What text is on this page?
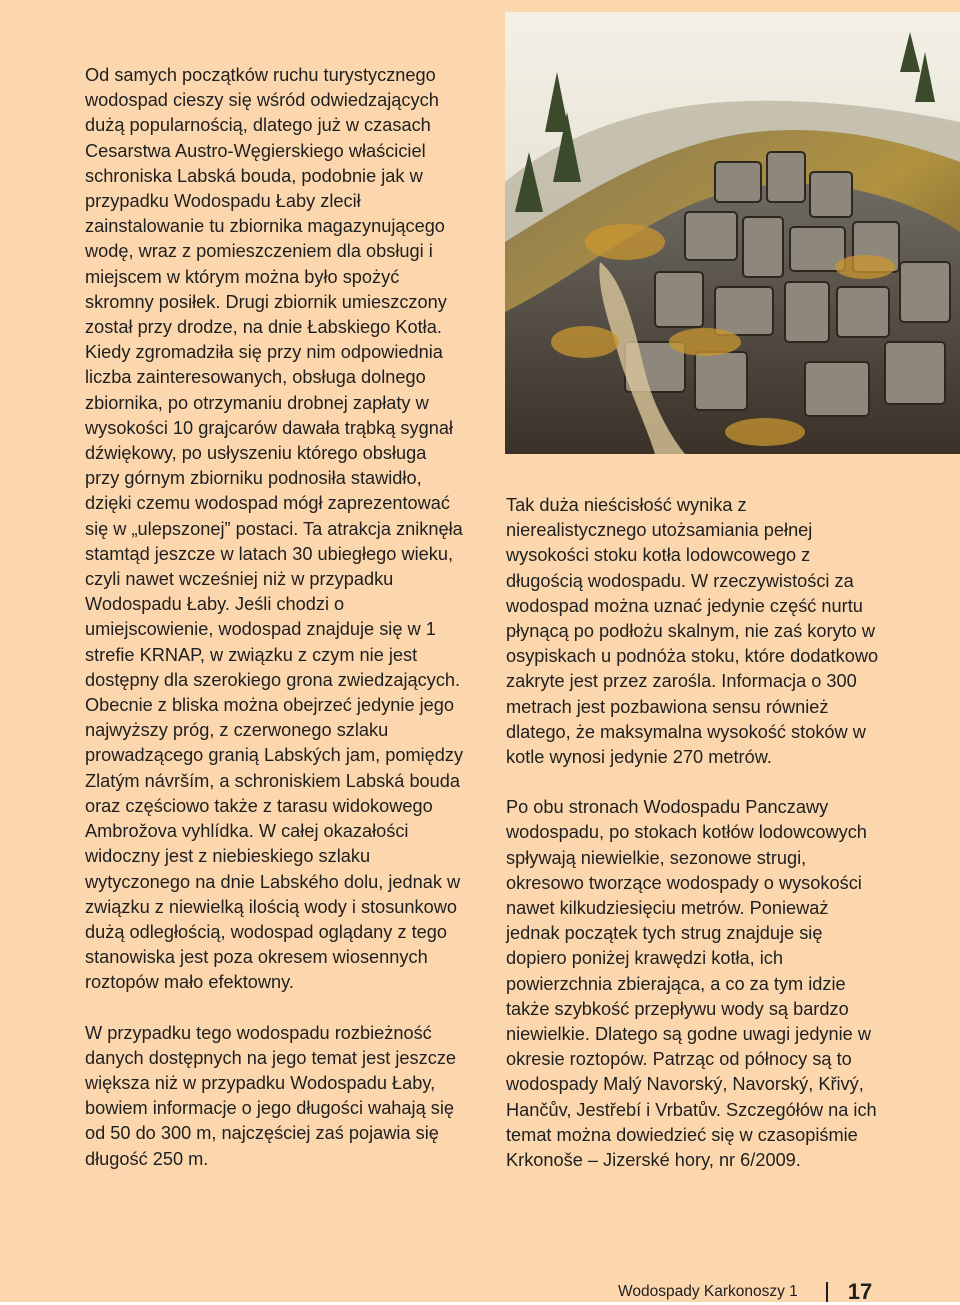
Od samych początków ruchu turystycznego wodospad cieszy się wśród odwiedzających dużą popularnością, dlatego już w czasach Cesarstwa Austro-Węgierskiego właściciel schroniska Labská bouda, podobnie jak w przypadku Wodospadu Łaby zlecił zainstalowanie tu zbiornika magazynującego wodę, wraz z pomieszczeniem dla obsługi i miejscem w którym można było spożyć skromny posiłek. Drugi zbiornik umieszczony został przy drodze, na dnie Łabskiego Kotła. Kiedy zgromadziła się przy nim odpowiednia liczba zainteresowanych, obsługa dolnego zbiornika, po otrzymaniu drobnej zapłaty w wysokości 10 grajcarów dawała trąbką sygnał dźwiękowy, po usłyszeniu którego obsługa przy górnym zbiorniku podnosiła stawidło, dzięki czemu wodospad mógł zaprezentować się w „ulepszonej” postaci. Ta atrakcja zniknęła stamtąd jeszcze w latach 30 ubiegłego wieku, czyli nawet wcześniej niż w przypadku Wodospadu Łaby. Jeśli chodzi o umiejscowienie, wodospad znajduje się w 1 strefie KRNAP, w związku z czym nie jest dostępny dla szerokiego grona zwiedzających. Obecnie z bliska można obejrzeć jedynie jego najwyższy próg, z czerwonego szlaku prowadzącego granią Labských jam, pomiędzy Zlatým návrším, a schroniskiem Labská bouda oraz częściowo także z tarasu widokowego Ambrožova vyhlídka. W całej okazałości widoczny jest z niebieskiego szlaku wytyczonego na dnie Labského dolu, jednak w związku z niewielką ilością wody i stosunkowo dużą odległością, wodospad oglądany z tego stanowiska jest poza okresem wiosennych roztopów mało efektowny.

W przypadku tego wodospadu rozbieżność danych dostępnych na jego temat jest jeszcze większa niż w przypadku Wodospadu Łaby, bowiem informacje o jego długości wahają się od 50 do 300 m, najczęściej zaś pojawia się długość 250 m.

Tak duża nieścisłość wynika z nierealistycznego utożsamiania pełnej wysokości stoku kotła lodowcowego z długością wodospadu. W rzeczywistości za wodospad można uznać jedynie część nurtu płynącą po podłożu skalnym, nie zaś koryto w osypiskach u podnóża stoku, które dodatkowo zakryte jest przez zarośla. Informacja o 300 metrach jest pozbawiona sensu również dlatego, że maksymalna wysokość stoków w kotle wynosi jedynie 270 metrów.

Po obu stronach Wodospadu Panczawy wodospadu, po stokach kotłów lodowcowych spływają niewielkie, sezonowe strugi, okresowo tworzące wodospady o wysokości nawet kilkudziesięciu metrów. Ponieważ jednak początek tych strug znajduje się dopiero poniżej krawędzi kotła, ich powierzchnia zbierająca, a co za tym idzie także szybkość przepływu wody są bardzo niewielkie. Dlatego są godne uwagi jedynie w okresie roztopów. Patrząc od północy są to wodospady Malý Navorský, Navorský, Křivý, Hančův, Jestřebí i Vrbatův. Szczegółów na ich temat można dowiedzieć się w czasopiśmie Krkonoše – Jizerské hory, nr 6/2009.

Wodospady Karkonoszy 1 17
